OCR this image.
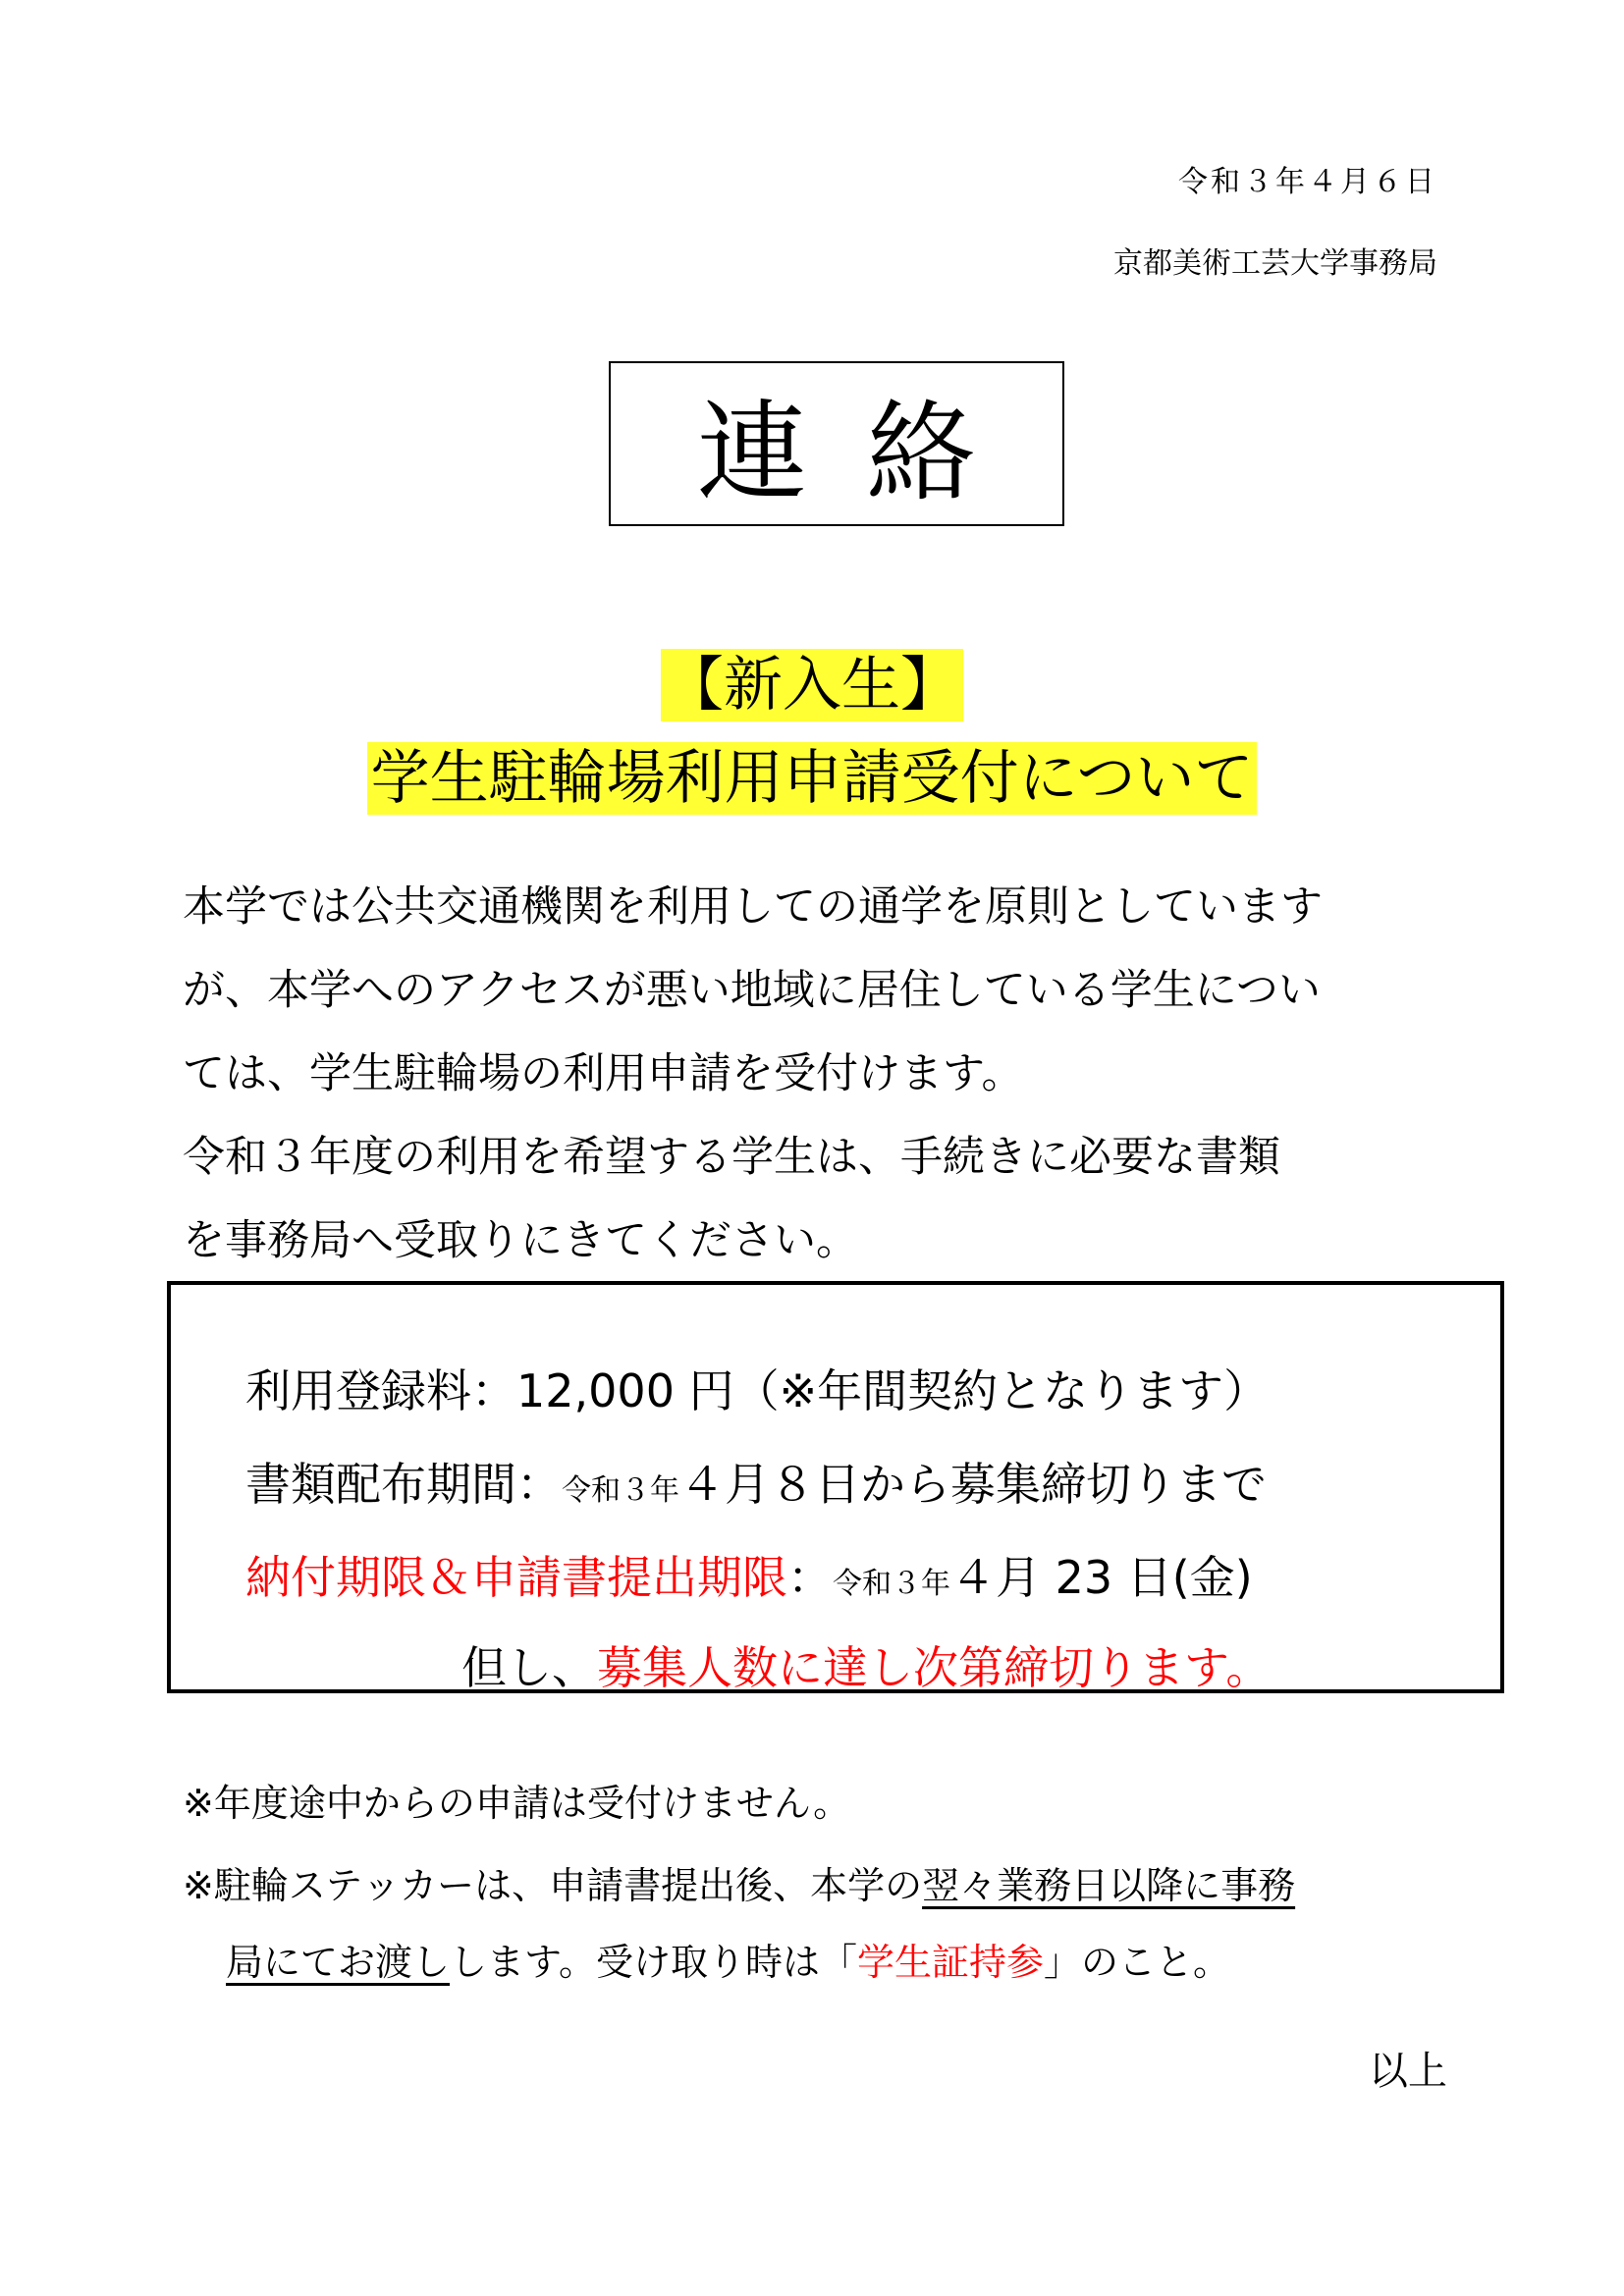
令和３年４月６日
京都美術工芸大学事務局
連絡
【新入生】
学生駐輪場利用申請受付について
本学では公共交通機関を利用しての通学を原則としています
が、本学へのアクセスが悪い地域に居住している学生につい
ては、学生駐輪場の利用申請を受付けます。
令和３年度の利用を希望する学生は、手続きに必要な書類
を事務局へ受取りにきてください。
利用登録料：12,000 円（※年間契約となります）
書類配布期間：令和３年４月８日から募集締切りまで
納付期限＆申請書提出期限：令和３年４月 23 日(金)
但し、募集人数に達し次第締切ります。
※年度途中からの申請は受付けません。
※駐輪ステッカーは、申請書提出後、本学の翌々業務日以降に事務
局にてお渡しします。受け取り時は「学生証持参」のこと。
以上
